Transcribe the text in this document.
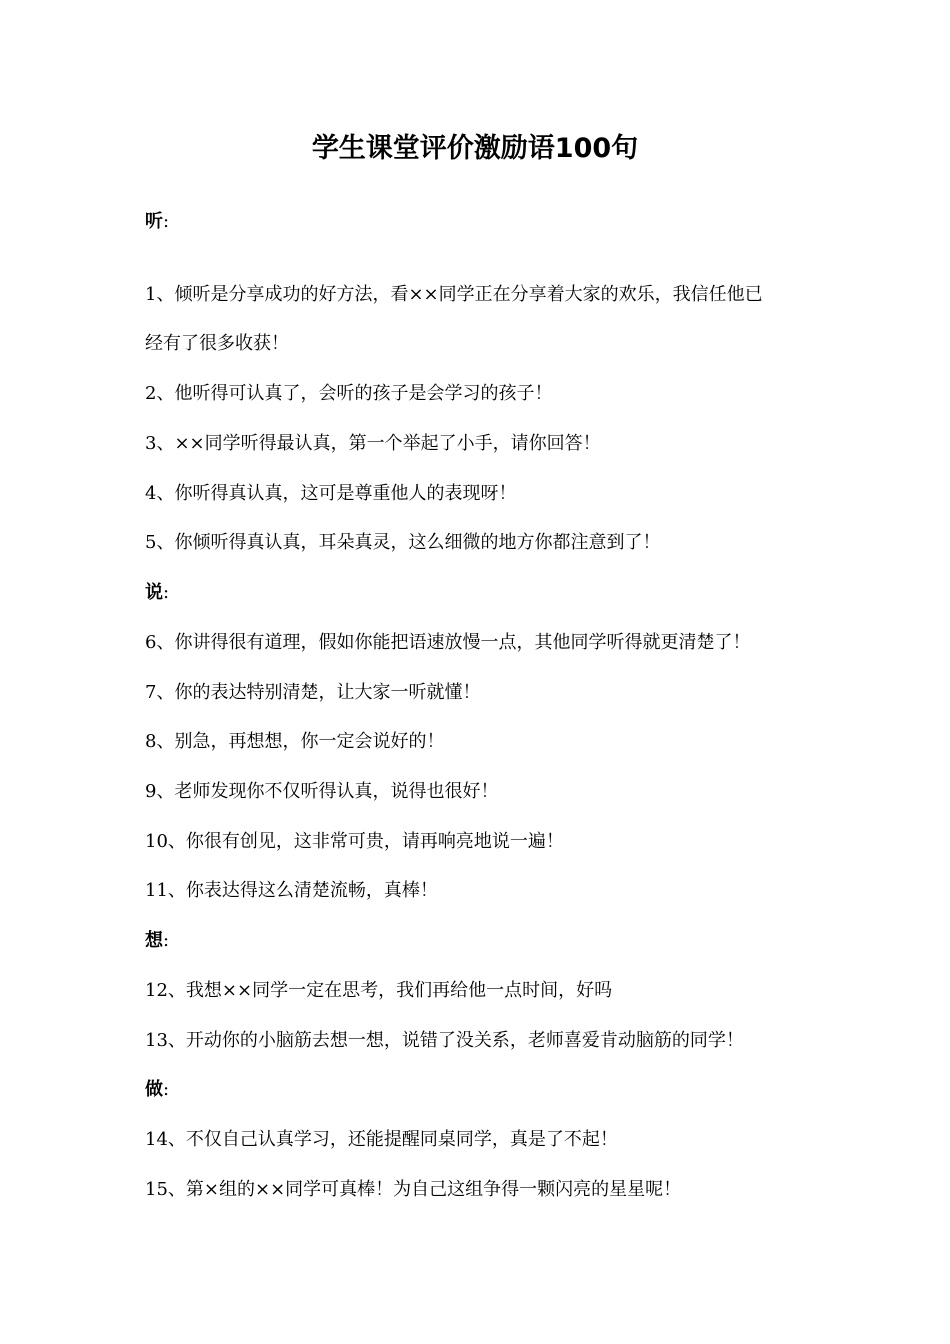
学生课堂评价激励语100句
听:
1、倾听是分享成功的好方法，看××同学正在分享着大家的欢乐，我信任他已
经有了很多收获！
2、他听得可认真了，会听的孩子是会学习的孩子！
3、××同学听得最认真，第一个举起了小手，请你回答！
4、你听得真认真，这可是尊重他人的表现呀！
5、你倾听得真认真，耳朵真灵，这么细微的地方你都注意到了！
说:
6、你讲得很有道理，假如你能把语速放慢一点，其他同学听得就更清楚了！
7、你的表达特别清楚，让大家一听就懂！
8、别急，再想想，你一定会说好的！
9、老师发现你不仅听得认真，说得也很好！
10、你很有创见，这非常可贵，请再响亮地说一遍！
11、你表达得这么清楚流畅，真棒！
想:
12、我想××同学一定在思考，我们再给他一点时间，好吗
13、开动你的小脑筋去想一想，说错了没关系，老师喜爱肯动脑筋的同学！
做:
14、不仅自己认真学习，还能提醒同桌同学，真是了不起！
15、第×组的××同学可真棒！为自己这组争得一颗闪亮的星星呢！
